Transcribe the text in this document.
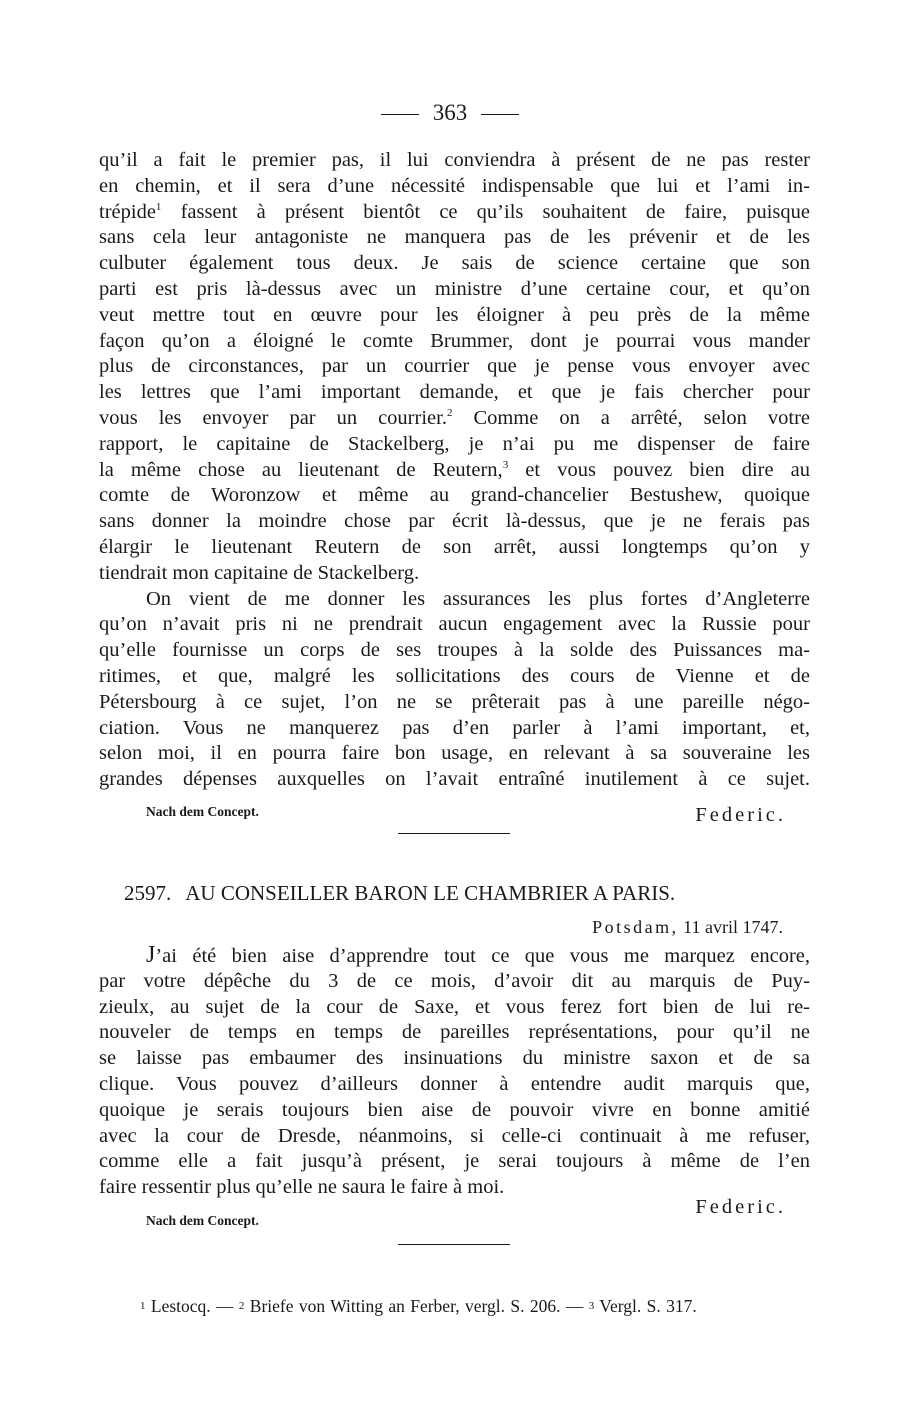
363
qu’il a fait le premier pas, il lui conviendra à présent de ne pas rester
en chemin, et il sera d’une nécessité indispensable que lui et l’ami in-
trépide$^1$ fassent à présent bientôt ce qu’ils souhaitent de faire, puisque
sans cela leur antagoniste ne manquera pas de les prévenir et de les
culbuter également tous deux. Je sais de science certaine que son
parti est pris là-dessus avec un ministre d’une certaine cour, et qu’on
veut mettre tout en œuvre pour les éloigner à peu près de la même
façon qu’on a éloigné le comte Brummer, dont je pourrai vous mander
plus de circonstances, par un courrier que je pense vous envoyer avec
les lettres que l’ami important demande, et que je fais chercher pour
vous les envoyer par un courrier.$^2$ Comme on a arrêté, selon votre
rapport, le capitaine de Stackelberg, je n’ai pu me dispenser de faire
la même chose au lieutenant de Reutern,$^3$ et vous pouvez bien dire au
comte de Woronzow et même au grand-chancelier Bestushew, quoique
sans donner la moindre chose par écrit là-dessus, que je ne ferais pas
élargir le lieutenant Reutern de son arrêt, aussi longtemps qu’on y
tiendrait mon capitaine de Stackelberg.
On vient de me donner les assurances les plus fortes d’Angleterre
qu’on n’avait pris ni ne prendrait aucun engagement avec la Russie pour
qu’elle fournisse un corps de ses troupes à la solde des Puissances ma-
ritimes, et que, malgré les sollicitations des cours de Vienne et de
Pétersbourg à ce sujet, l’on ne se prêterait pas à une pareille négo-
ciation. Vous ne manquerez pas d’en parler à l’ami important, et,
selon moi, il en pourra faire bon usage, en relevant à sa souveraine les
grandes dépenses auxquelles on l’avait entraîné inutilement à ce sujet.
Nach dem Concept.	Federic.
2597. AU CONSEILLER BARON LE CHAMBRIER A PARIS.
Potsdam, 11 avril 1747.
J’ai été bien aise d’apprendre tout ce que vous me marquez encore,
par votre dépêche du 3 de ce mois, d’avoir dit au marquis de Puy-
zieulx, au sujet de la cour de Saxe, et vous ferez fort bien de lui re-
nouveler de temps en temps de pareilles représentations, pour qu’il ne
se laisse pas embaumer des insinuations du ministre saxon et de sa
clique. Vous pouvez d’ailleurs donner à entendre audit marquis que,
quoique je serais toujours bien aise de pouvoir vivre en bonne amitié
avec la cour de Dresde, néanmoins, si celle-ci continuait à me refuser,
comme elle a fait jusqu’à présent, je serai toujours à même de l’en
faire ressentir plus qu’elle ne saura le faire à moi.
Federic.
Nach dem Concept.
1 Lestocq. — 2 Briefe von Witting an Ferber, vergl. S. 206. — 3 Vergl. S. 317.
